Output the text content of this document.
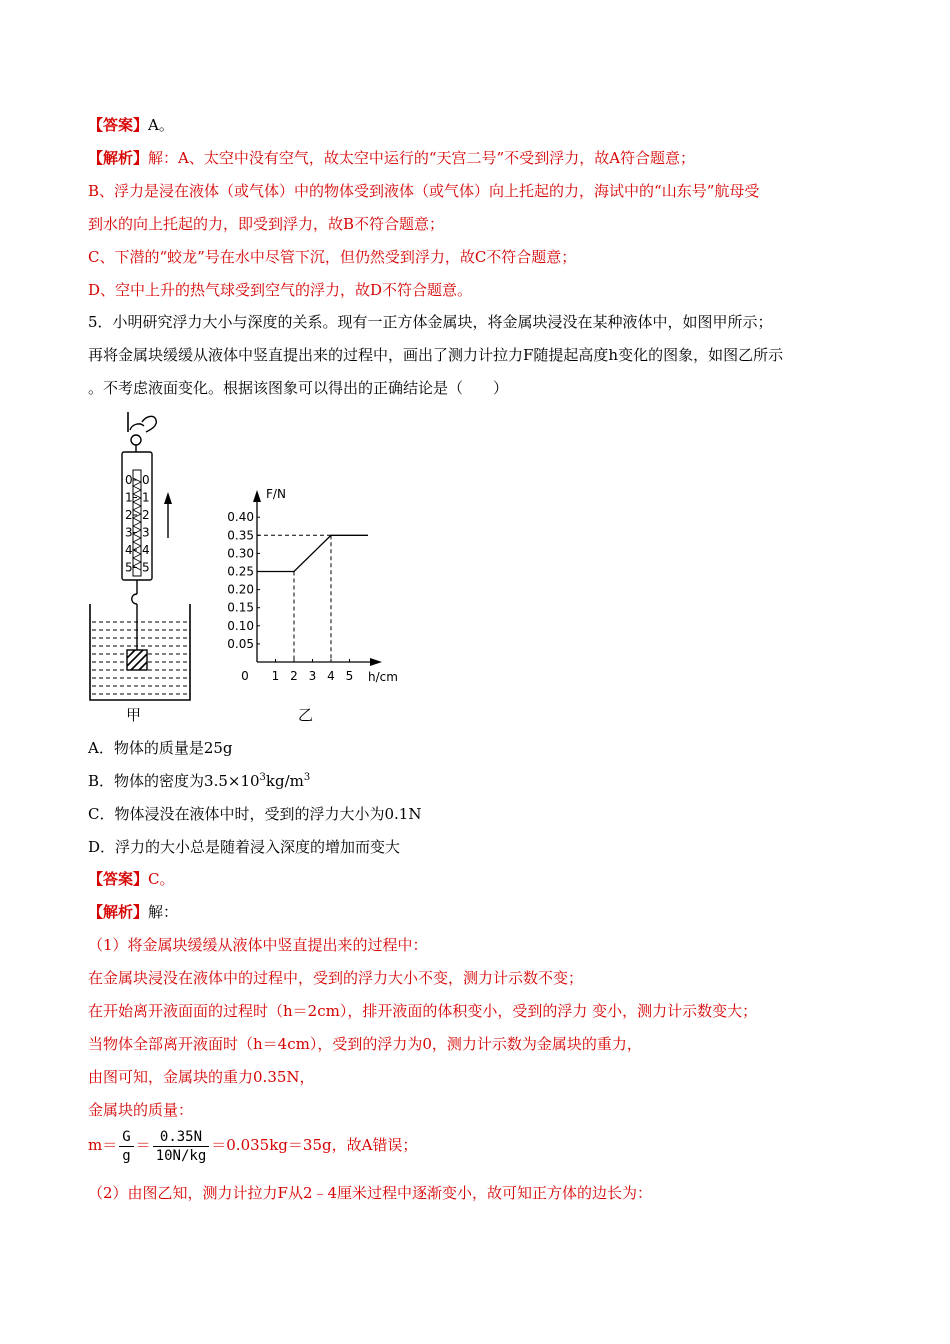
【答案】A。
【解析】解：A、太空中没有空气，故太空中运行的“天宫二号”不受到浮力，故A符合题意；
B、浮力是浸在液体（或气体）中的物体受到液体（或气体）向上托起的力，海试中的“山东号”航母受
到水的向上托起的力，即受到浮力，故B不符合题意；
C、下潜的“蛟龙”号在水中尽管下沉，但仍然受到浮力，故C不符合题意；
D、空中上升的热气球受到空气的浮力，故D不符合题意。
5．小明研究浮力大小与深度的关系。现有一正方体金属块，将金属块浸没在某种液体中，如图甲所示；
再将金属块缓缓从液体中竖直提出来的过程中，画出了测力计拉力F随提起高度h变化的图象，如图乙所示
。不考虑液面变化。根据该图象可以得出的正确结论是（　　）
0 0
1 1
2 2
3 3
4 4
5 5
甲
F/N
h/cm
0.05
0.10
0.15
0.20
0.25
0.30
0.35
0.40
0 1 2 3 4 5
乙
A．物体的质量是25g
B．物体的密度为$3.5\times 10^3kg/m^3$
C．物体浸没在液体中时，受到的浮力大小为0.1N
D．浮力的大小总是随着浸入深度的增加而变大
【答案】C。
【解析】解：
（1）将金属块缓缓从液体中竖直提出来的过程中：
在金属块浸没在液体中的过程中，受到的浮力大小不变，测力计示数不变；
在开始离开液面面的过程时（h＝2cm），排开液面的体积变小，受到的浮力 变小，测力计示数变大；
当物体全部离开液面时（h＝4cm），受到的浮力为0，测力计示数为金属块的重力，
由图可知，金属块的重力0.35N，
金属块的质量：
$m= \frac{G}{g} = \frac{0.35N}{10N/kg} =0.035kg=35g$，故A错误；
（2）由图乙知，测力计拉力F从2﹣4厘米过程中逐渐变小，故可知正方体的边长为：
